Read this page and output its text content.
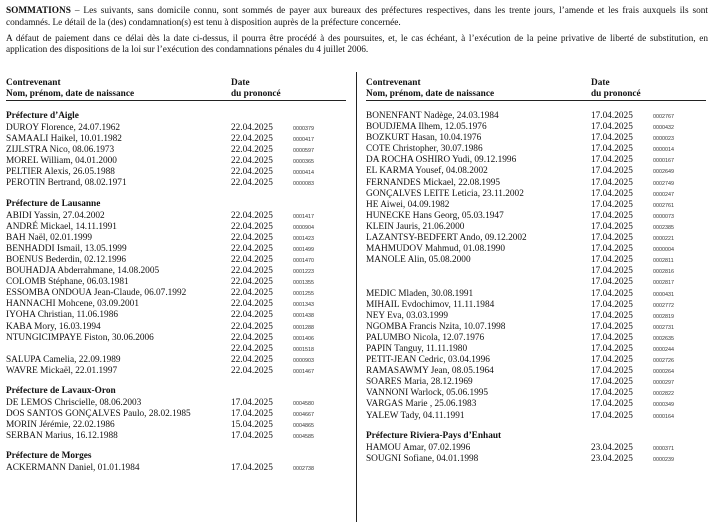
SOMMATIONS – Les suivants, sans domicile connu, sont sommés de payer aux bureaux des préfectures respectives, dans les trente jours, l’amende et les frais auxquels ils sont condamnés. Le détail de la (des) condamnation(s) est tenu à disposition auprès de la préfecture concernée.

A défaut de paiement dans ce délai dès la date ci-dessus, il pourra être procédé à des poursuites, et, le cas échéant, à l’exécution de la peine privative de liberté de substitution, en application des dispositions de la loi sur l’exécution des condamnations pénales du 4 juillet 2006.

Contrevenant
Nom, prénom, date de naissance
Date
du prononcé
Préfecture d’Aigle
DUROY Florence, 24.07.1962	22.04.2025	0000379
SAMAALI Haikel, 10.01.1982	22.04.2025	0000417
ZIJLSTRA Nico, 08.06.1973	22.04.2025	0000597
MOREL William, 04.01.2000	22.04.2025	0000365
PELTIER Alexis, 26.05.1988	22.04.2025	0000414
PEROTIN Bertrand, 08.02.1971	22.04.2025	0000083
Préfecture de Lausanne
ABIDI Yassin, 27.04.2002	22.04.2025	0001417
ANDRÉ Mickael, 14.11.1991	22.04.2025	0000904
BAH Naël, 02.01.1999	22.04.2025	0001423
BENHADDI Ismail, 13.05.1999	22.04.2025	0001499
BOENUS Bederdin, 02.12.1996	22.04.2025	0001470
BOUHADJA Abderrahmane, 14.08.2005	22.04.2025	0001223
COLOMB Stéphane, 06.03.1981	22.04.2025	0001355
ESSOMBA ONDOUA Jean-Claude, 06.07.1992	22.04.2025	0001255
HANNACHI Mohcene, 03.09.2001	22.04.2025	0001343
IYOHA Christian, 11.06.1986	22.04.2025	0001438
KABA Mory, 16.03.1994	22.04.2025	0001288
NTUNGICIMPAYE Fiston, 30.06.2006	22.04.2025	0001406
22.04.2025	0001518
SALUPA Camelia, 22.09.1989	22.04.2025	0000903
WAVRE Mickaël, 22.01.1997	22.04.2025	0001467
Préfecture de Lavaux-Oron
DE LEMOS Chriscielle, 08.06.2003	17.04.2025	0004580
DOS SANTOS GONÇALVES Paulo, 28.02.1985	17.04.2025	0004667
MORIN Jérémie, 22.02.1986	15.04.2025	0004865
SERBAN Marius, 16.12.1988	17.04.2025	0004585
Préfecture de Morges
ACKERMANN Daniel, 01.01.1984	17.04.2025	0002738
Contrevenant
Nom, prénom, date de naissance
Date
du prononcé
BONENFANT Nadège, 24.03.1984	17.04.2025	0002767
BOUDJEMA Ilhem, 12.05.1976	17.04.2025	0000432
BOZKURT Hasan, 10.04.1976	17.04.2025	0000023
COTE Christopher, 30.07.1986	17.04.2025	0000014
DA ROCHA OSHIRO Yudi, 09.12.1996	17.04.2025	0000167
EL KARMA Yousef, 04.08.2002	17.04.2025	0002649
FERNANDES Mickael, 22.08.1995	17.04.2025	0002749
GONÇALVES LEITE Leticia, 23.11.2002	17.04.2025	0000247
HE Aiwei, 04.09.1982	17.04.2025	0002761
HUNECKE Hans Georg, 05.03.1947	17.04.2025	0000073
KLEIN Jauris, 21.06.2000	17.04.2025	0002385
LAZANTSY-BEDFERT Ando, 09.12.2002	17.04.2025	0000221
MAHMUDOV Mahmud, 01.08.1990	17.04.2025	0000004
MANOLE Alin, 05.08.2000	17.04.2025	0002811
17.04.2025	0002816
17.04.2025	0002817
MEDIC Mladen, 30.08.1991	17.04.2025	0000431
MIHAIL Evdochimov, 11.11.1984	17.04.2025	0002772
NEY Eva, 03.03.1999	17.04.2025	0002819
NGOMBA Francis Nzita, 10.07.1998	17.04.2025	0002731
PALUMBO Nicola, 12.07.1976	17.04.2025	0002635
PAPIN Tanguy, 11.11.1980	17.04.2025	0000244
PETIT-JEAN Cedric, 03.04.1996	17.04.2025	0002726
RAMASAWMY Jean, 08.05.1964	17.04.2025	0000264
SOARES Maria, 28.12.1969	17.04.2025	0000297
VANNONI Warlock, 05.06.1995	17.04.2025	0002822
VARGAS Marie , 25.06.1983	17.04.2025	0000349
YALEW Tady, 04.11.1991	17.04.2025	0000164
Préfecture Riviera-Pays d’Enhaut
HAMOU Amar, 07.02.1996	23.04.2025	0000371
SOUGNI Sofiane, 04.01.1998	23.04.2025	0000239
